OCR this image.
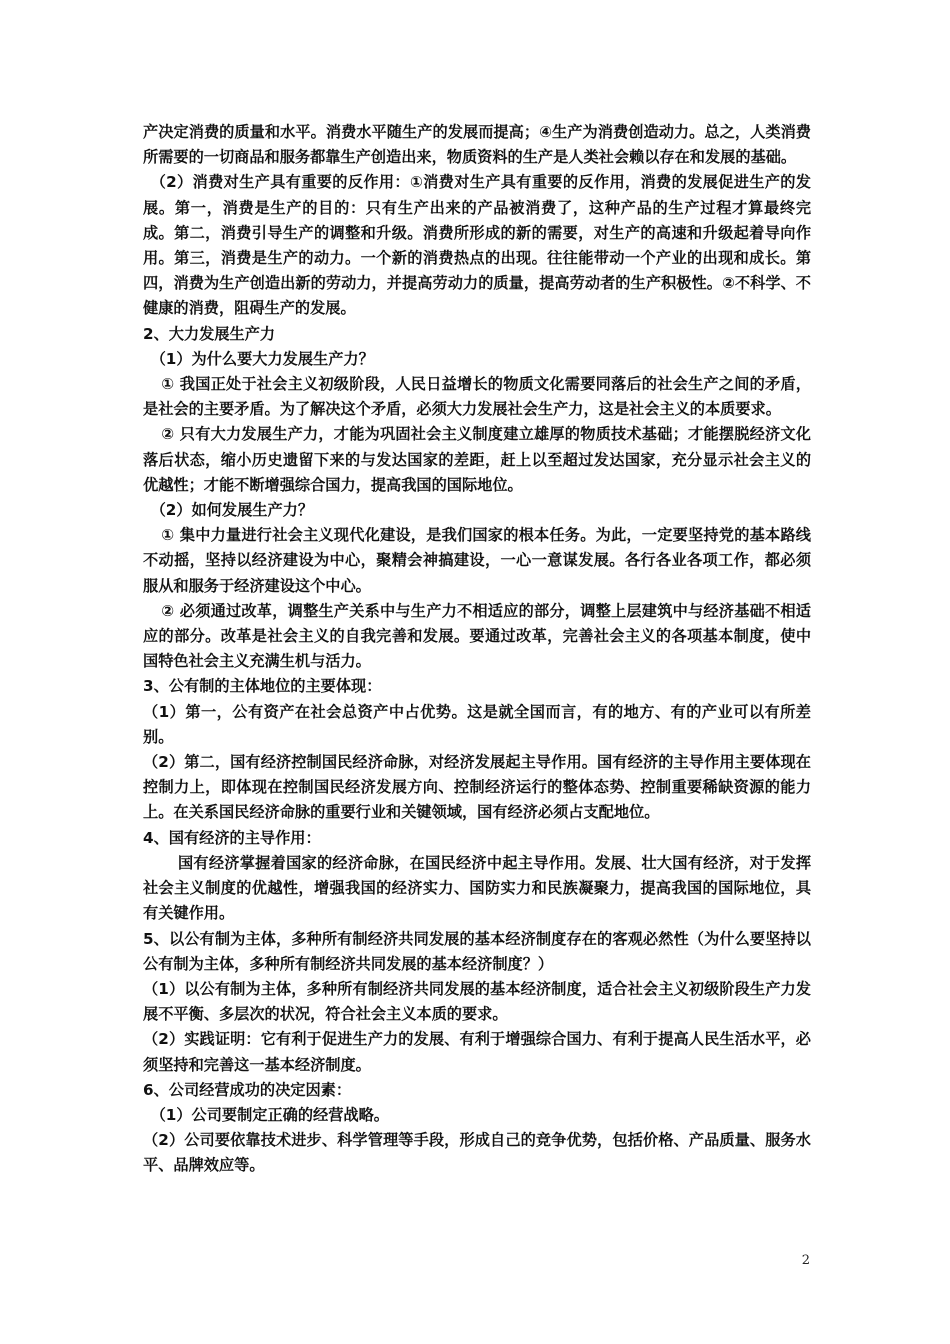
产决定消费的质量和水平。消费水平随生产的发展而提高；④生产为消费创造动力。总之，人类消费所需要的一切商品和服务都靠生产创造出来，物质资料的生产是人类社会赖以存在和发展的基础。

（2）消费对生产具有重要的反作用：①消费对生产具有重要的反作用，消费的发展促进生产的发展。第一，消费是生产的目的：只有生产出来的产品被消费了，这种产品的生产过程才算最终完成。第二，消费引导生产的调整和升级。消费所形成的新的需要，对生产的高速和升级起着导向作用。第三，消费是生产的动力。一个新的消费热点的出现。往往能带动一个产业的出现和成长。第四，消费为生产创造出新的劳动力，并提高劳动力的质量，提高劳动者的生产积极性。②不科学、不健康的消费，阻碍生产的发展。

2、大力发展生产力

（1）为什么要大力发展生产力？

① 我国正处于社会主义初级阶段，人民日益增长的物质文化需要同落后的社会生产之间的矛盾，是社会的主要矛盾。为了解决这个矛盾，必须大力发展社会生产力，这是社会主义的本质要求。

② 只有大力发展生产力，才能为巩固社会主义制度建立雄厚的物质技术基础；才能摆脱经济文化落后状态，缩小历史遗留下来的与发达国家的差距，赶上以至超过发达国家，充分显示社会主义的优越性；才能不断增强综合国力，提高我国的国际地位。

（2）如何发展生产力？

① 集中力量进行社会主义现代化建设，是我们国家的根本任务。为此，一定要坚持党的基本路线不动摇，坚持以经济建设为中心，聚精会神搞建设，一心一意谋发展。各行各业各项工作，都必须服从和服务于经济建设这个中心。

② 必须通过改革，调整生产关系中与生产力不相适应的部分，调整上层建筑中与经济基础不相适应的部分。改革是社会主义的自我完善和发展。要通过改革，完善社会主义的各项基本制度，使中国特色社会主义充满生机与活力。

3、公有制的主体地位的主要体现：

（1）第一，公有资产在社会总资产中占优势。这是就全国而言，有的地方、有的产业可以有所差别。

（2）第二，国有经济控制国民经济命脉，对经济发展起主导作用。国有经济的主导作用主要体现在控制力上，即体现在控制国民经济发展方向、控制经济运行的整体态势、控制重要稀缺资源的能力上。在关系国民经济命脉的重要行业和关键领域，国有经济必须占支配地位。

4、国有经济的主导作用：

国有经济掌握着国家的经济命脉，在国民经济中起主导作用。发展、壮大国有经济，对于发挥社会主义制度的优越性，增强我国的经济实力、国防实力和民族凝聚力，提高我国的国际地位，具有关键作用。

5、以公有制为主体，多种所有制经济共同发展的基本经济制度存在的客观必然性（为什么要坚持以公有制为主体，多种所有制经济共同发展的基本经济制度？）

（1）以公有制为主体，多种所有制经济共同发展的基本经济制度，适合社会主义初级阶段生产力发展不平衡、多层次的状况，符合社会主义本质的要求。

（2）实践证明：它有利于促进生产力的发展、有利于增强综合国力、有利于提高人民生活水平，必须坚持和完善这一基本经济制度。

6、公司经营成功的决定因素：

（1）公司要制定正确的经营战略。

（2）公司要依靠技术进步、科学管理等手段，形成自己的竞争优势，包括价格、产品质量、服务水平、品牌效应等。

2
